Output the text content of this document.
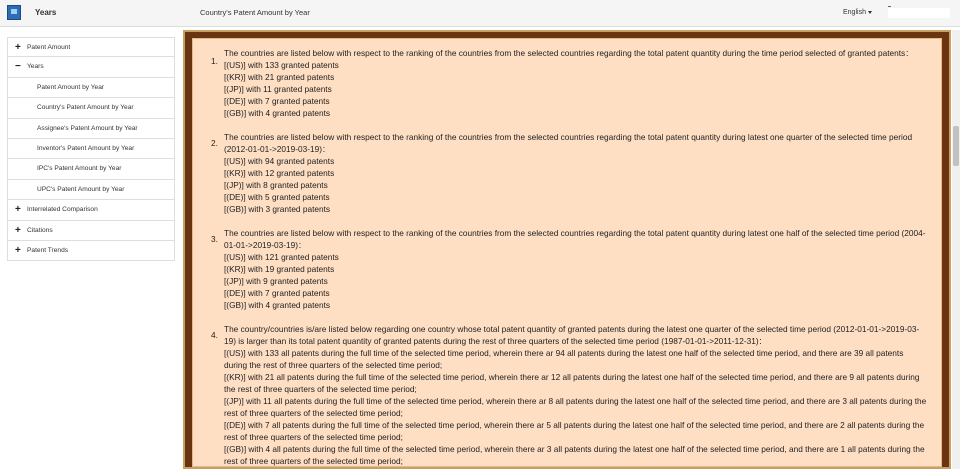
Years	Country's Patent Amount by Year	English
+ Patent Amount
− Years
Patent Amount by Year
Country's Patent Amount by Year
Assignee's Patent Amount by Year
Inventor's Patent Amount by Year
IPC's Patent Amount by Year
UPC's Patent Amount by Year
+ Interrelated Comparison
+ Citations
+ Patent Trends
1.
The countries are listed below with respect to the ranking of the countries from the selected countries regarding the total patent quantity during the time period selected of granted patents：
[(US)] with 133 granted patents
[(KR)] with 21 granted patents
[(JP)] with 11 granted patents
[(DE)] with 7 granted patents
[(GB)] with 4 granted patents
2.
The countries are listed below with respect to the ranking of the countries from the selected countries regarding the total patent quantity during latest one quarter of the selected time period (2012-01-01->2019-03-19)：
[(US)] with 94 granted patents
[(KR)] with 12 granted patents
[(JP)] with 8 granted patents
[(DE)] with 5 granted patents
[(GB)] with 3 granted patents
3.
The countries are listed below with respect to the ranking of the countries from the selected countries regarding the total patent quantity during latest one half of the selected time period (2004-01-01->2019-03-19)：
[(US)] with 121 granted patents
[(KR)] with 19 granted patents
[(JP)] with 9 granted patents
[(DE)] with 7 granted patents
[(GB)] with 4 granted patents
4.
The country/countries is/are listed below regarding one country whose total patent quantity of granted patents during the latest one quarter of the selected time period (2012-01-01->2019-03-19) is larger than its total patent quantity of granted patents during the rest of three quarters of the selected time period (1987-01-01->2011-12-31)：
[(US)] with 133 all patents during the full time of the selected time period, wherein there ar 94 all patents during the latest one half of the selected time period, and there are 39 all patents during the rest of three quarters of the selected time period;
[(KR)] with 21 all patents during the full time of the selected time period, wherein there ar 12 all patents during the latest one half of the selected time period, and there are 9 all patents during the rest of three quarters of the selected time period;
[(JP)] with 11 all patents during the full time of the selected time period, wherein there ar 8 all patents during the latest one half of the selected time period, and there are 3 all patents during the rest of three quarters of the selected time period;
[(DE)] with 7 all patents during the full time of the selected time period, wherein there ar 5 all patents during the latest one half of the selected time period, and there are 2 all patents during the rest of three quarters of the selected time period;
[(GB)] with 4 all patents during the full time of the selected time period, wherein there ar 3 all patents during the latest one half of the selected time period, and there are 1 all patents during the rest of three quarters of the selected time period;
